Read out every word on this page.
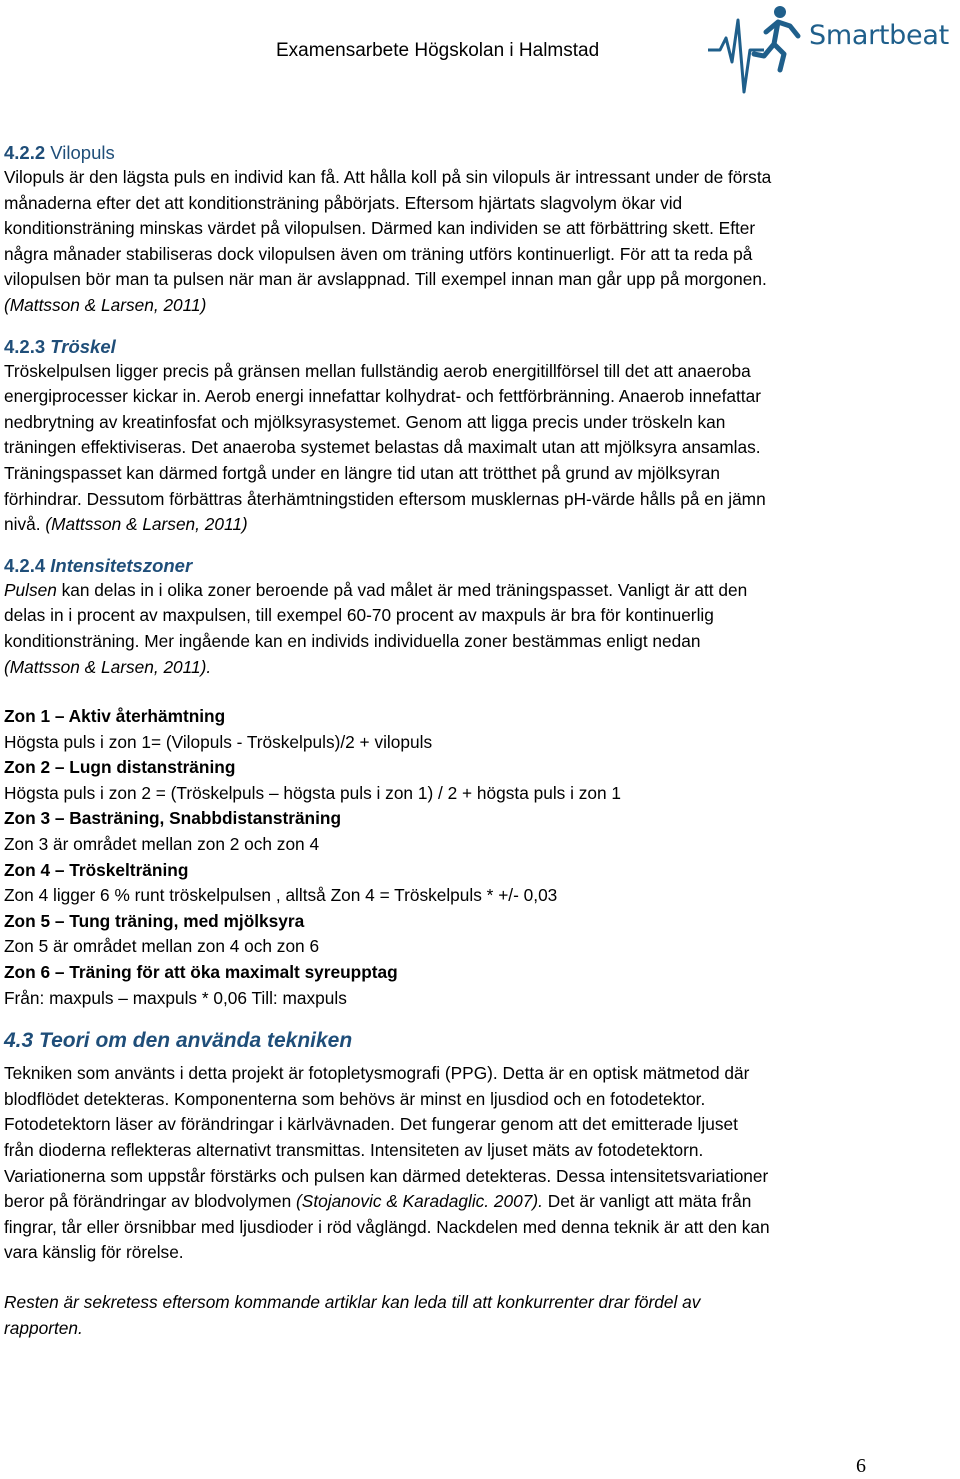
Examensarbete Högskolan i Halmstad	Smartbeat
4.2.2 Vilopuls

Vilopuls är den lägsta puls en individ kan få. Att hålla koll på sin vilopuls är intressant under de första

månaderna efter det att konditionsträning påbörjats. Eftersom hjärtats slagvolym ökar vid

konditionsträning minskas värdet på vilopulsen. Därmed kan individen se att förbättring skett. Efter

några månader stabiliseras dock vilopulsen även om träning utförs kontinuerligt. För att ta reda på

vilopulsen bör man ta pulsen när man är avslappnad. Till exempel innan man går upp på morgonen.

(Mattsson & Larsen, 2011)

4.2.3 Tröskel

Tröskelpulsen ligger precis på gränsen mellan fullständig aerob energitillförsel till det att anaeroba

energiprocesser kickar in. Aerob energi innefattar kolhydrat- och fettförbränning. Anaerob innefattar

nedbrytning av kreatinfosfat och mjölksyrasystemet. Genom att ligga precis under tröskeln kan

träningen effektiviseras. Det anaeroba systemet belastas då maximalt utan att mjölksyra ansamlas.

Träningspasset kan därmed fortgå under en längre tid utan att trötthet på grund av mjölksyran

förhindrar. Dessutom förbättras återhämtningstiden eftersom musklernas pH-värde hålls på en jämn

nivå. (Mattsson & Larsen, 2011)

4.2.4 Intensitetszoner

Pulsen kan delas in i olika zoner beroende på vad målet är med träningspasset. Vanligt är att den

delas in i procent av maxpulsen, till exempel 60-70 procent av maxpuls är bra för kontinuerlig

konditionsträning. Mer ingående kan en individs individuella zoner bestämmas enligt nedan

(Mattsson & Larsen, 2011).

Zon 1 – Aktiv återhämtning

Högsta puls i zon 1= (Vilopuls - Tröskelpuls)/2 + vilopuls

Zon 2 – Lugn distansträning

Högsta puls i zon 2 = (Tröskelpuls – högsta puls i zon 1) / 2 + högsta puls i zon 1

Zon 3 – Basträning, Snabbdistansträning

Zon 3 är området mellan zon 2 och zon 4

Zon 4 – Tröskelträning

Zon 4 ligger 6 % runt tröskelpulsen , alltså Zon 4 = Tröskelpuls * +/- 0,03

Zon 5 – Tung träning, med mjölksyra

Zon 5 är området mellan zon 4 och zon 6

Zon 6 – Träning för att öka maximalt syreupptag

Från: maxpuls – maxpuls * 0,06 Till: maxpuls

4.3 Teori om den använda tekniken

Tekniken som använts i detta projekt är fotopletysmografi (PPG). Detta är en optisk mätmetod där

blodflödet detekteras. Komponenterna som behövs är minst en ljusdiod och en fotodetektor.

Fotodetektorn läser av förändringar i kärlvävnaden. Det fungerar genom att det emitterade ljuset

från dioderna reflekteras alternativt transmittas. Intensiteten av ljuset mäts av fotodetektorn.

Variationerna som uppstår förstärks och pulsen kan därmed detekteras. Dessa intensitetsvariationer

beror på förändringar av blodvolymen (Stojanovic & Karadaglic. 2007). Det är vanligt att mäta från

fingrar, tår eller örsnibbar med ljusdioder i röd våglängd. Nackdelen med denna teknik är att den kan

vara känslig för rörelse.

Resten är sekretess eftersom kommande artiklar kan leda till att konkurrenter drar fördel av

rapporten.

6
